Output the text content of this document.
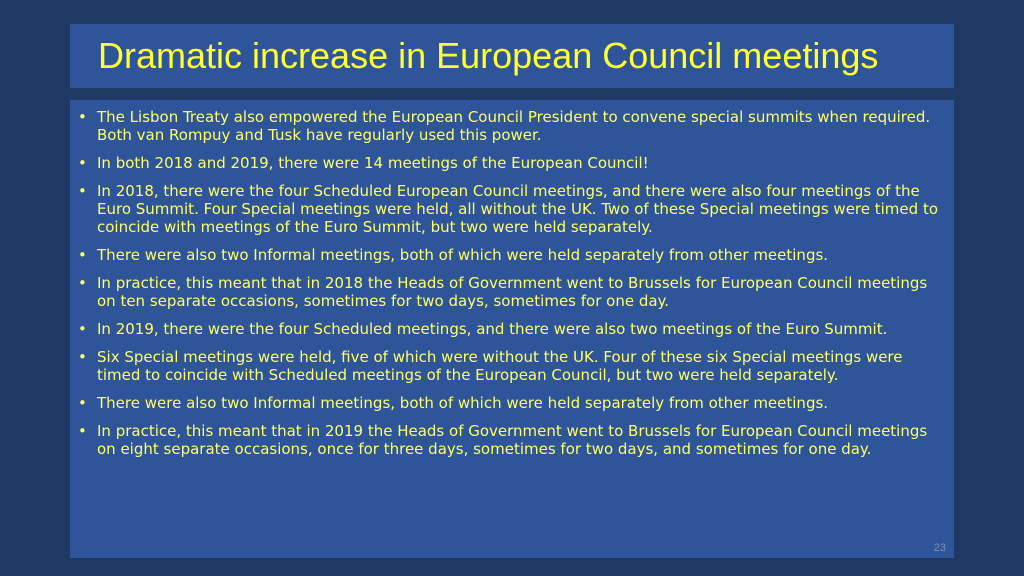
Dramatic increase in European Council meetings
• The Lisbon Treaty also empowered the European Council President to convene special summits when required. Both van Rompuy and Tusk have regularly used this power.
• In both 2018 and 2019, there were 14 meetings of the European Council!
• In 2018, there were the four Scheduled European Council meetings, and there were also four meetings of the Euro Summit. Four Special meetings were held, all without the UK. Two of these Special meetings were timed to coincide with meetings of the Euro Summit, but two were held separately.
• There were also two Informal meetings, both of which were held separately from other meetings.
• In practice, this meant that in 2018 the Heads of Government went to Brussels for European Council meetings on ten separate occasions, sometimes for two days, sometimes for one day.
• In 2019, there were the four Scheduled meetings, and there were also two meetings of the Euro Summit.
• Six Special meetings were held, five of which were without the UK. Four of these six Special meetings were timed to coincide with Scheduled meetings of the European Council, but two were held separately.
• There were also two Informal meetings, both of which were held separately from other meetings.
• In practice, this meant that in 2019 the Heads of Government went to Brussels for European Council meetings on eight separate occasions, once for three days, sometimes for two days, and sometimes for one day.
23
